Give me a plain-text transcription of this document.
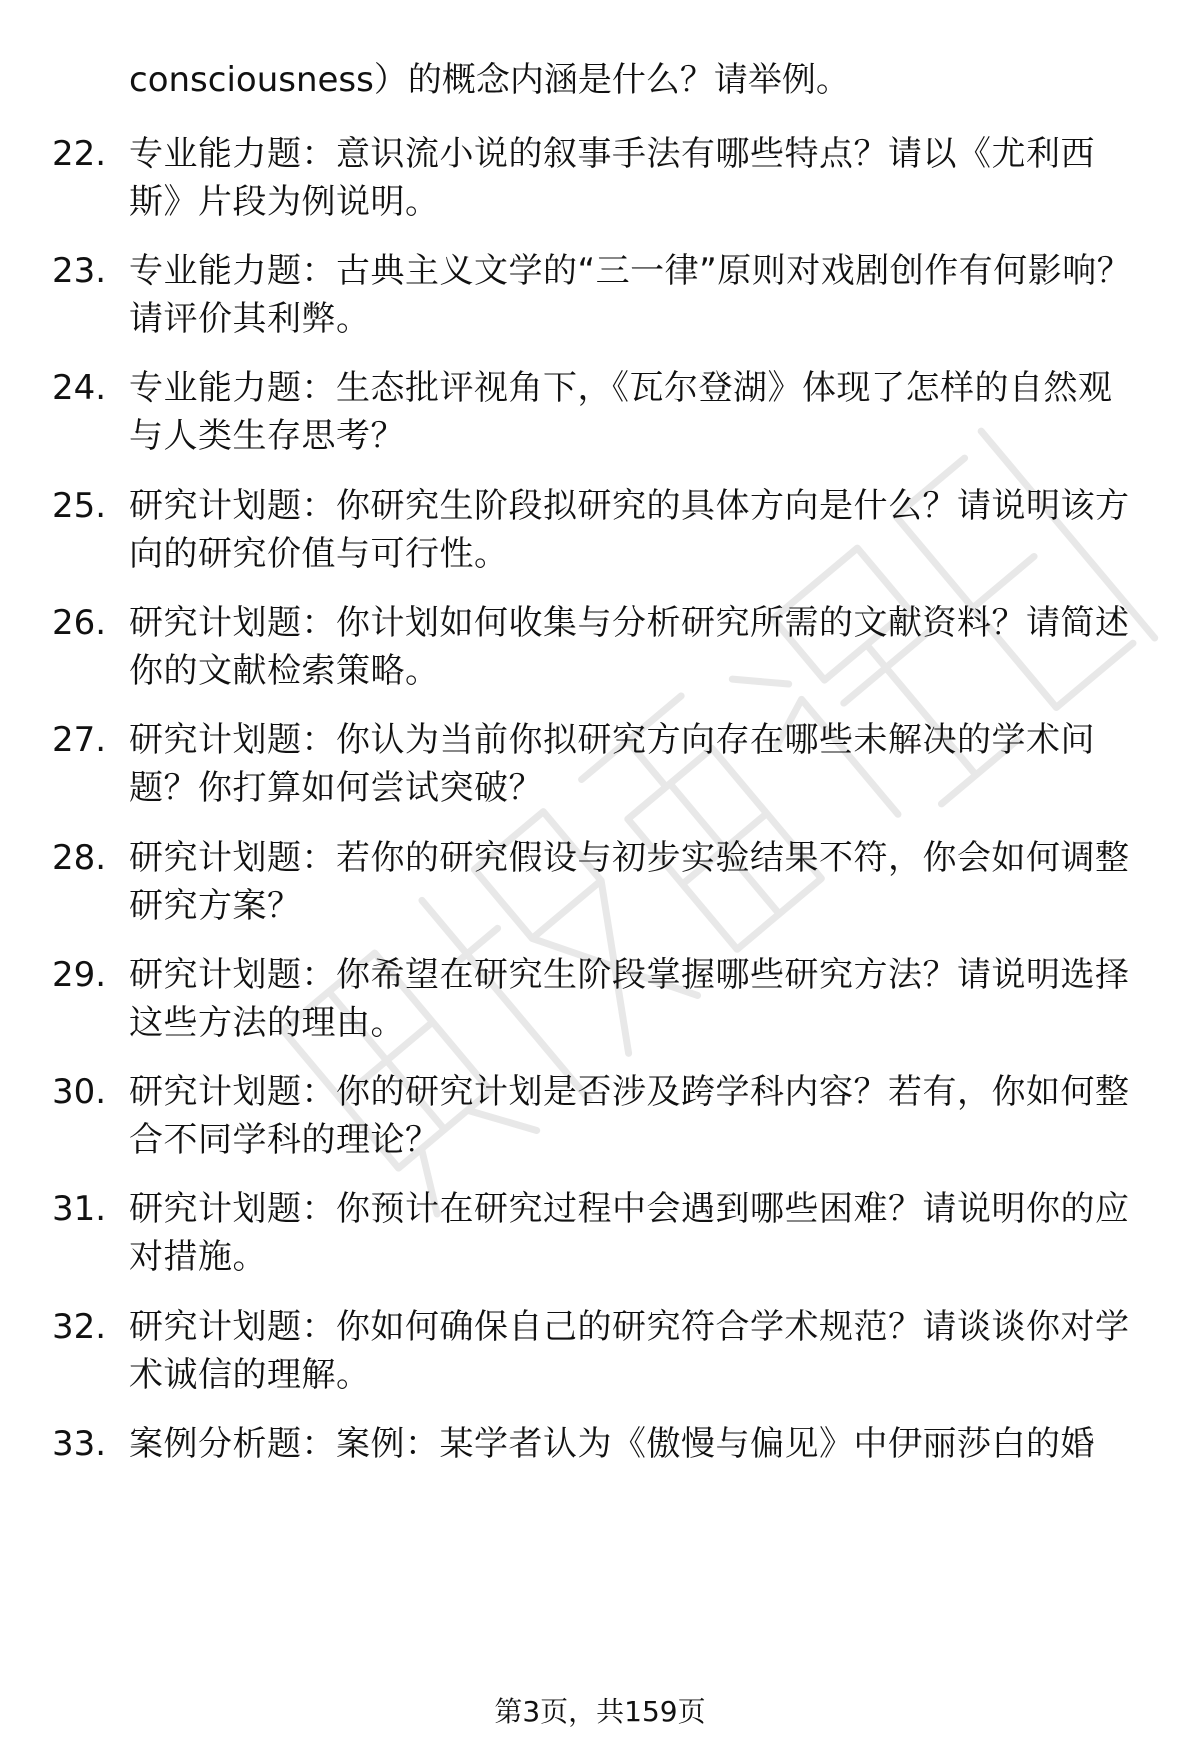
consciousness）的概念内涵是什么？请举例。
22. 专业能力题：意识流小说的叙事手法有哪些特点？请以《尤利西斯》片段为例说明。
23. 专业能力题：古典主义文学的“三一律”原则对戏剧创作有何影响？请评价其利弊。
24. 专业能力题：生态批评视角下，《瓦尔登湖》体现了怎样的自然观与人类生存思考？
25. 研究计划题：你研究生阶段拟研究的具体方向是什么？请说明该方向的研究价值与可行性。
26. 研究计划题：你计划如何收集与分析研究所需的文献资料？请简述你的文献检索策略。
27. 研究计划题：你认为当前你拟研究方向存在哪些未解决的学术问题？你打算如何尝试突破？
28. 研究计划题：若你的研究假设与初步实验结果不符，你会如何调整研究方案？
29. 研究计划题：你希望在研究生阶段掌握哪些研究方法？请说明选择这些方法的理由。
30. 研究计划题：你的研究计划是否涉及跨学科内容？若有，你如何整合不同学科的理论？
31. 研究计划题：你预计在研究过程中会遇到哪些困难？请说明你的应对措施。
32. 研究计划题：你如何确保自己的研究符合学术规范？请谈谈你对学术诚信的理解。
33. 案例分析题：案例：某学者认为《傲慢与偏见》中伊丽莎白的婚
第3页，共159页
